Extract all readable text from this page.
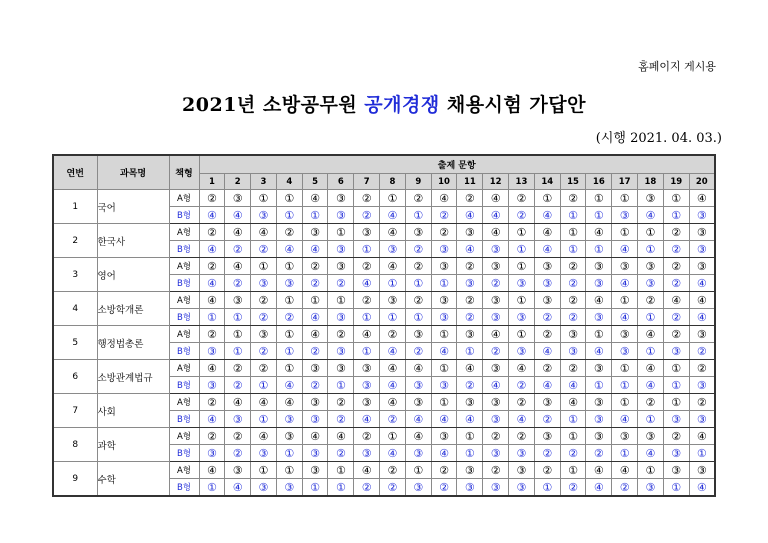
홈페이지 게시용
2021년 소방공무원 공개경쟁 채용시험 가답안
(시행 2021. 04. 03.)
연번	과목명	책형	출제 문항																			
			1	2	3	4	5	6	7	8	9	10	11	12	13	14	15	16	17	18	19	20
1	국어	A형	②	③	①	①	④	③	②	①	②	④	②	④	②	①	②	①	①	③	①	④
		B형	④	④	③	①	①	③	②	④	①	②	④	④	②	④	①	①	③	④	①	③
2	한국사	A형	②	④	④	②	③	①	③	④	③	②	③	④	①	④	①	④	①	①	②	③
		B형	④	②	②	④	④	③	①	③	②	③	④	③	①	④	①	①	④	①	②	③
3	영어	A형	②	④	①	①	②	③	②	④	②	③	②	③	①	③	②	③	③	③	②	③
		B형	④	②	③	③	②	②	④	①	①	①	③	②	③	③	②	③	④	③	②	④
4	소방학개론	A형	④	③	②	①	①	①	②	③	②	③	②	③	①	③	②	④	①	②	④	④
		B형	①	①	②	②	④	③	①	①	①	③	②	③	③	②	②	③	④	①	②	④
5	행정법총론	A형	②	①	③	①	④	②	④	②	③	①	③	④	①	②	③	①	③	④	②	③
		B형	③	①	②	①	②	③	①	④	②	④	①	②	③	④	③	④	③	①	③	②
6	소방관계법규	A형	④	②	②	①	③	③	③	④	④	①	④	③	④	②	②	③	①	④	①	②
		B형	③	②	①	④	②	①	③	④	③	③	②	④	②	④	④	①	①	④	①	③
7	사회	A형	②	④	④	④	③	②	③	④	③	①	③	③	②	③	④	③	①	②	①	②
		B형	④	③	①	③	③	②	④	②	④	④	④	③	④	②	①	③	④	①	③	③
8	과학	A형	②	②	④	③	④	④	②	①	④	③	①	②	②	③	①	③	③	③	②	④
		B형	③	②	③	①	③	②	③	④	③	④	①	③	③	②	②	②	①	④	③	①
9	수학	A형	④	③	①	①	③	①	④	②	①	②	③	②	③	②	①	④	④	①	③	③
		B형	①	④	③	③	①	①	②	②	③	②	③	③	③	①	②	④	②	③	①	④
